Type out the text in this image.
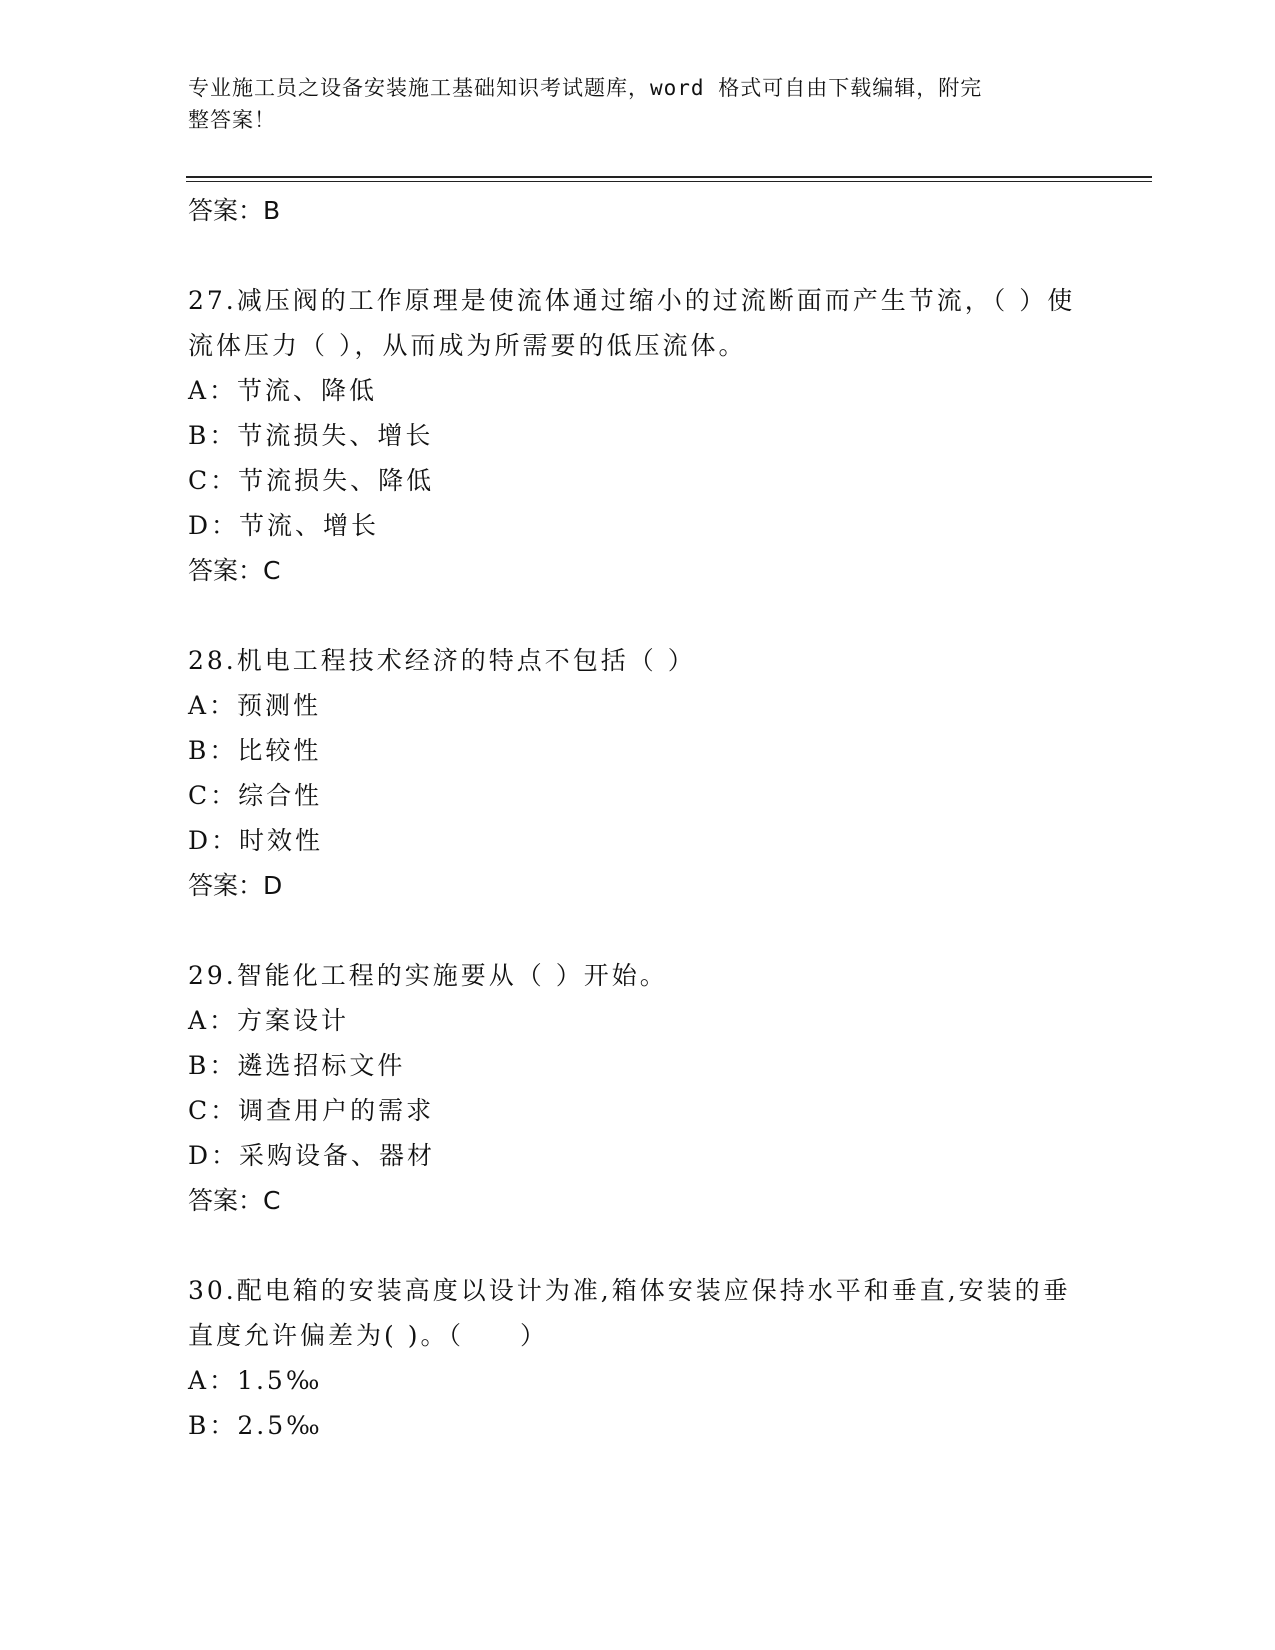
专业施工员之设备安装施工基础知识考试题库，word 格式可自由下载编辑，附完
整答案！
答案：B
27.减压阀的工作原理是使流体通过缩小的过流断面而产生节流，（ ）使流体压力（ ），从而成为所需要的低压流体。
A：节流、降低
B：节流损失、增长
C：节流损失、降低
D：节流、增长
答案：C
28.机电工程技术经济的特点不包括（ ）
A：预测性
B：比较性
C：综合性
D：时效性
答案：D
29.智能化工程的实施要从（ ）开始。
A：方案设计
B：遴选招标文件
C：调查用户的需求
D：采购设备、器材
答案：C
30.配电箱的安装高度以设计为准,箱体安装应保持水平和垂直,安装的垂直度允许偏差为( )。（　　）
A：1.5‰
B：2.5‰
